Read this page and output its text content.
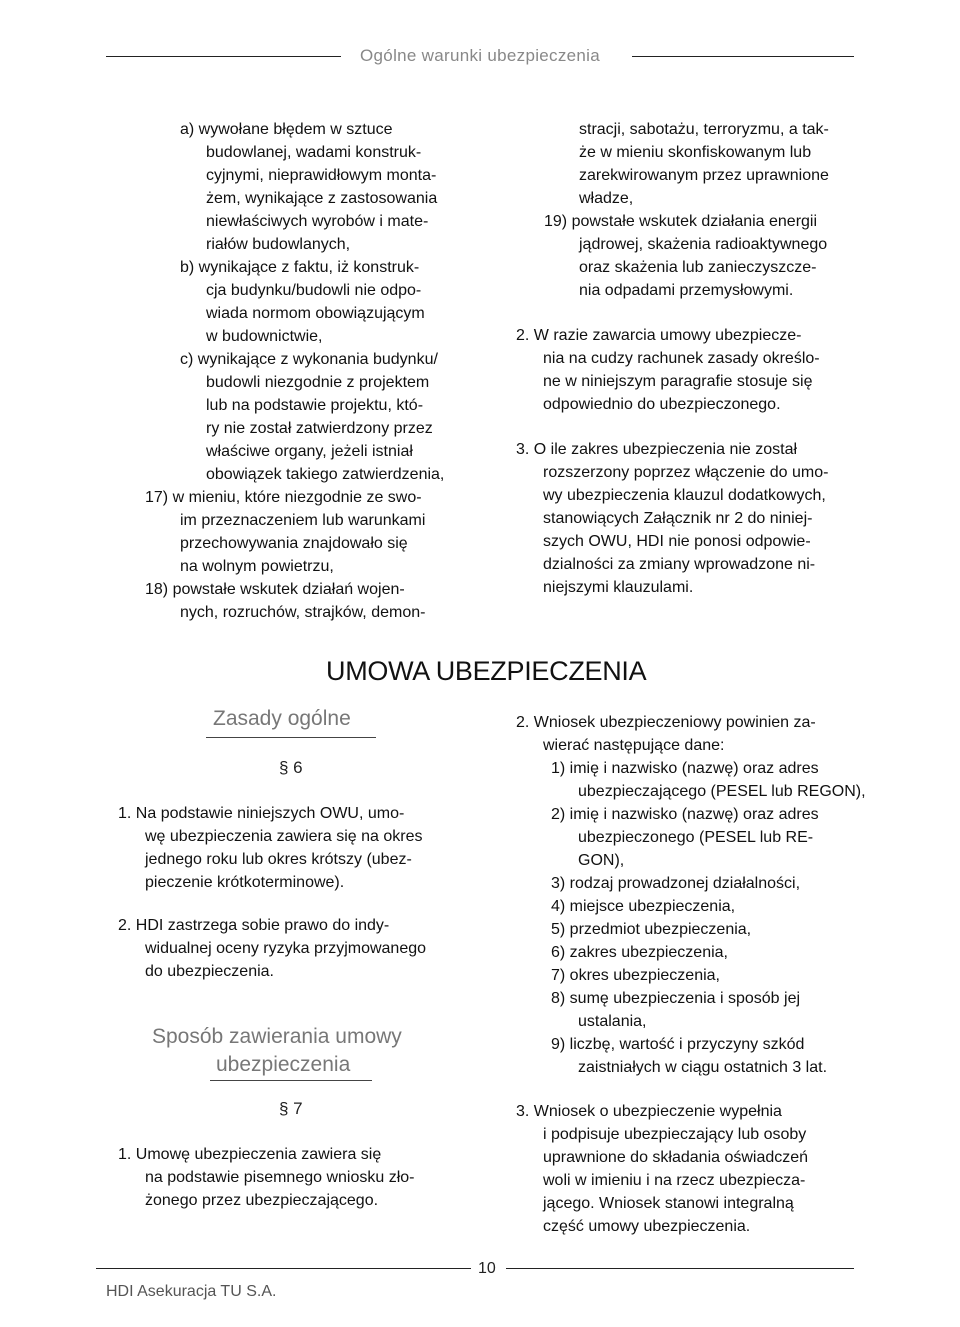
Ogólne warunki ubezpieczenia
a) wywołane błędem w sztuce
budowlanej, wadami konstruk-
cyjnymi, nieprawidłowym monta-
żem, wynikające z zastosowania
niewłaściwych wyrobów i mate-
riałów budowlanych,
b) wynikające z faktu, iż konstruk-
cja budynku/budowli nie odpo-
wiada normom obowiązującym
w budownictwie,
c) wynikające z wykonania budynku/
budowli niezgodnie z projektem
lub na podstawie projektu, któ-
ry nie został zatwierdzony przez
właściwe organy, jeżeli istniał
obowiązek takiego zatwierdzenia,
17) w mieniu, które niezgodnie ze swo-
im przeznaczeniem lub warunkami
przechowywania znajdowało się
na wolnym powietrzu,
18) powstałe wskutek działań wojen-
nych, rozruchów, strajków, demon-
stracji, sabotażu, terroryzmu, a tak-
że w mieniu skonfiskowanym lub
zarekwirowanym przez uprawnione
władze,
19) powstałe wskutek działania energii
jądrowej, skażenia radioaktywnego
oraz skażenia lub zanieczyszcze-
nia odpadami przemysłowymi.
2. W razie zawarcia umowy ubezpiecze-
nia na cudzy rachunek zasady określo-
ne w niniejszym paragrafie stosuje się
odpowiednio do ubezpieczonego.
3. O ile zakres ubezpieczenia nie został
rozszerzony poprzez włączenie do umo-
wy ubezpieczenia klauzul dodatkowych,
stanowiących Załącznik nr 2 do niniej-
szych OWU, HDI nie ponosi odpowie-
dzialności za zmiany wprowadzone ni-
niejszymi klauzulami.
UMOWA UBEZPIECZENIA
Zasady ogólne
§ 6
1. Na podstawie niniejszych OWU, umo-
wę ubezpieczenia zawiera się na okres
jednego roku lub okres krótszy (ubez-
pieczenie krótkoterminowe).
2. HDI zastrzega sobie prawo do indy-
widualnej oceny ryzyka przyjmowanego
do ubezpieczenia.
Sposób zawierania umowy
ubezpieczenia
§ 7
1. Umowę ubezpieczenia zawiera się
na podstawie pisemnego wniosku zło-
żonego przez ubezpieczającego.
2. Wniosek ubezpieczeniowy powinien za-
wierać następujące dane:
1) imię i nazwisko (nazwę) oraz adres
ubezpieczającego (PESEL lub REGON),
2) imię i nazwisko (nazwę) oraz adres
ubezpieczonego (PESEL lub RE-
GON),
3) rodzaj prowadzonej działalności,
4) miejsce ubezpieczenia,
5) przedmiot ubezpieczenia,
6) zakres ubezpieczenia,
7) okres ubezpieczenia,
8) sumę ubezpieczenia i sposób jej
ustalania,
9) liczbę, wartość i przyczyny szkód
zaistniałych w ciągu ostatnich 3 lat.
3. Wniosek o ubezpieczenie wypełnia
i podpisuje ubezpieczający lub osoby
uprawnione do składania oświadczeń
woli w imieniu i na rzecz ubezpiecza-
jącego. Wniosek stanowi integralną
część umowy ubezpieczenia.
10
HDI Asekuracja TU S.A.
